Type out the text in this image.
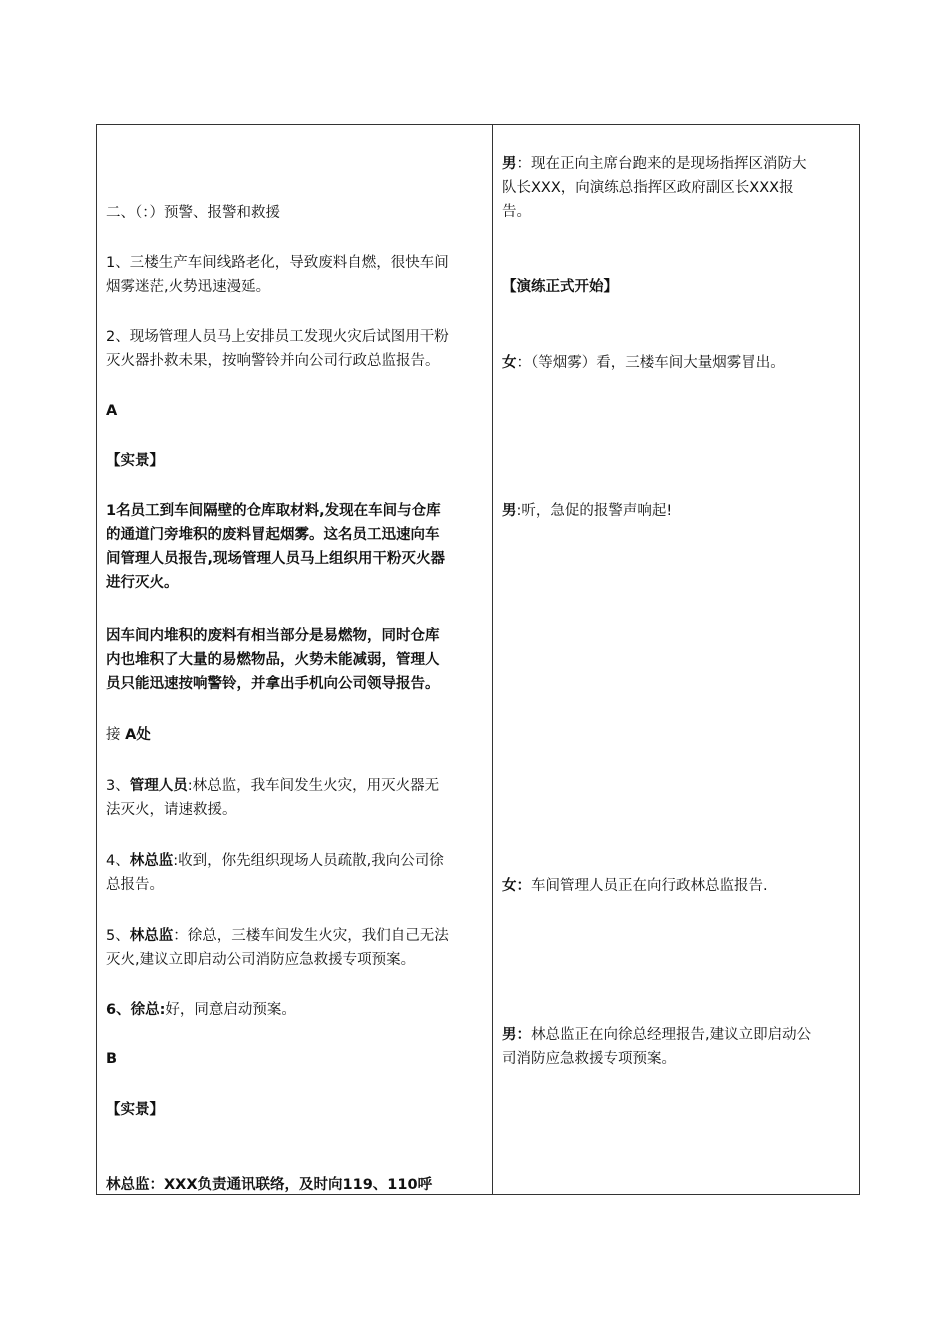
二、（：）预警、报警和救援
1、三楼生产车间线路老化，导致废料自燃，很快车间
烟雾迷茫,火势迅速漫延。
2、现场管理人员马上安排员工发现火灾后试图用干粉
灭火器扑救未果，按响警铃并向公司行政总监报告。
A
【实景】
1名员工到车间隔壁的仓库取材料,发现在车间与仓库
的通道门旁堆积的废料冒起烟雾。这名员工迅速向车
间管理人员报告,现场管理人员马上组织用干粉灭火器
进行灭火。
因车间内堆积的废料有相当部分是易燃物，同时仓库
内也堆积了大量的易燃物品，火势未能减弱，管理人
员只能迅速按响警铃，并拿出手机向公司领导报告。
接 A处
3、管理人员:林总监，我车间发生火灾，用灭火器无
法灭火，请速救援。
4、林总监:收到，你先组织现场人员疏散,我向公司徐
总报告。
5、林总监：徐总，三楼车间发生火灾，我们自己无法
灭火,建议立即启动公司消防应急救援专项预案。
6、徐总:好，同意启动预案。
B
【实景】
林总监：XXX负责通讯联络，及时向119、110呼
男：现在正向主席台跑来的是现场指挥区消防大
队长XXX，向演练总指挥区政府副区长XXX报
告。
【演练正式开始】
女：（等烟雾）看，三楼车间大量烟雾冒出。
男:听，急促的报警声响起!
女：车间管理人员正在向行政林总监报告.
男：林总监正在向徐总经理报告,建议立即启动公
司消防应急救援专项预案。
